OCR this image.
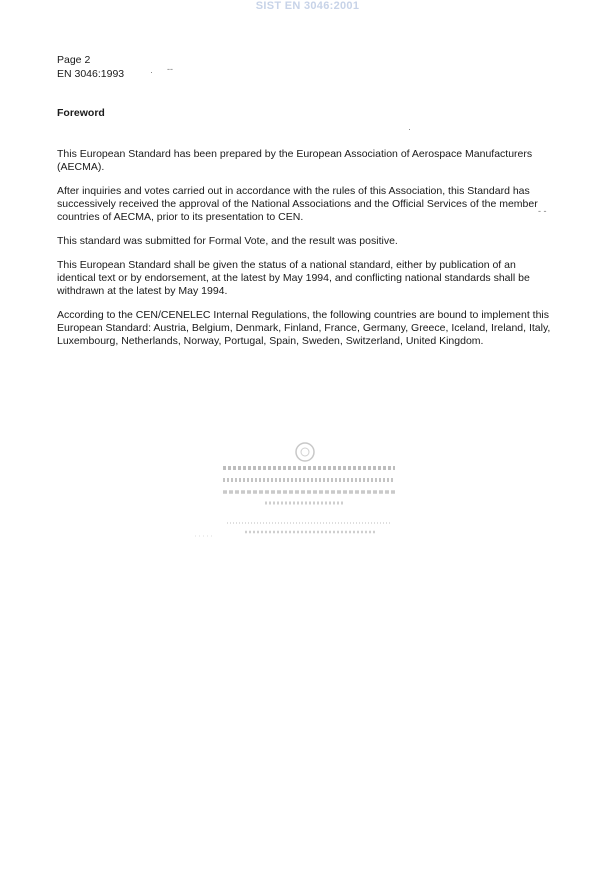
SIST EN 3046:2001
Page 2
EN 3046:1993	· --
- -
·
Foreword

This European Standard has been prepared by the European Association of Aerospace Manufacturers (AECMA).

After inquiries and votes carried out in accordance with the rules of this Association, this Standard has successively received the approval of the National Associations and the Official Services of the member countries of AECMA, prior to its presentation to CEN.

This standard was submitted for Formal Vote, and the result was positive.

This European Standard shall be given the status of a national standard, either by publication of an identical text or by endorsement, at the latest by May 1994, and conflicting national standards shall be withdrawn at the latest by May 1994.

According to the CEN/CENELEC Internal Regulations, the following countries are bound to implement this European Standard: Austria, Belgium, Denmark, Finland, France, Germany, Greece, Iceland, Ireland, Italy, Luxembourg, Netherlands, Norway, Portugal, Spain, Sweden, Switzerland, United Kingdom.
